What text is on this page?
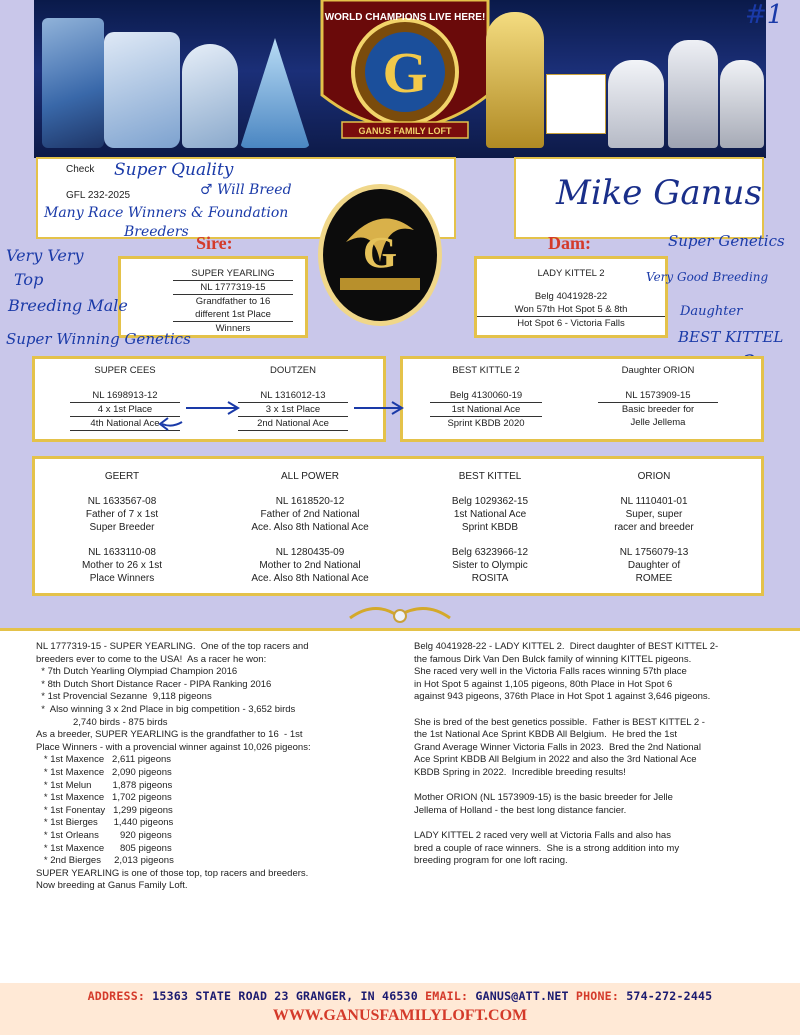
G
WORLD CHAMPIONS LIVE HERE!
GANUS FAMILY LOFT
#1
Check
GFL 232-2025
Super Quality
♂ Will Breed
Many Race Winners & Foundation
Breeders
Mike Ganus
G
Sire:	Dam:
SUPER YEARLING
NL 1777319-15
Grandfather to 16
different 1st Place
Winners
LADY KITTEL 2
Belg 4041928-22
Won 57th Hot Spot 5 & 8th
Hot Spot 6 - Victoria Falls
Very Very
Top
Breeding Male
Super Winning Genetics
Super Genetics
Very Good Breeding
Daughter
BEST KITTEL
SUPER CEES
NL 1698913-12
4 x 1st Place
4th National Ace
DOUTZEN
NL 1316012-13
3 x 1st Place
2nd National Ace
BEST KITTLE 2
Belg 4130060-19
1st National Ace
Sprint KBDB 2020
Daughter ORION
NL 1573909-15
Basic breeder for
Jelle Jellema
GEERT
NL 1633567-08
Father of 7 x 1st
Super Breeder
NL 1633110-08
Mother to 26 x 1st
Place Winners
ALL POWER
NL 1618520-12
Father of 2nd National
Ace. Also 8th National Ace
NL 1280435-09
Mother to 2nd National
Ace. Also 8th National Ace
BEST KITTEL
Belg 1029362-15
1st National Ace
Sprint KBDB
Belg 6323966-12
Sister to Olympic
ROSITA
ORION
NL 1110401-01
Super, super
racer and breeder
NL 1756079-13
Daughter of
ROMEE
NL 1777319-15 - SUPER YEARLING.  One of the top racers and
breeders ever to come to the USA!  As a racer he won:
* 7th Dutch Yearling Olympiad Champion 2016
* 8th Dutch Short Distance Racer - PIPA Ranking 2016
* 1st Provencial Sezanne  9,118 pigeons
*  Also winning 3 x 2nd Place in big competition - 3,652 birds
2,740 birds - 875 birds
As a breeder, SUPER YEARLING is the grandfather to 16  - 1st
Place Winners - with a provencial winner against 10,026 pigeons:
* 1st Maxence   2,611 pigeons
* 1st Maxence   2,090 pigeons
* 1st Melun        1,878 pigeons
* 1st Maxence   1,702 pigeons
* 1st Fonentay   1,299 pigeons
* 1st Bierges      1,440 pigeons
* 1st Orleans        920 pigeons
* 1st Maxence      805 pigeons
* 2nd Bierges     2,013 pigeons
SUPER YEARLING is one of those top, top racers and breeders.
Now breeding at Ganus Family Loft.
Belg 4041928-22 - LADY KITTEL 2.  Direct daughter of BEST KITTEL 2-
the famous Dirk Van Den Bulck family of winning KITTEL pigeons.
She raced very well in the Victoria Falls races winning 57th place
in Hot Spot 5 against 1,105 pigeons, 80th Place in Hot Spot 6
against 943 pigeons, 376th Place in Hot Spot 1 against 3,646 pigeons.

She is bred of the best genetics possible.  Father is BEST KITTEL 2 -
the 1st National Ace Sprint KBDB All Belgium.  He bred the 1st
Grand Average Winner Victoria Falls in 2023.  Bred the 2nd National
Ace Sprint KBDB All Belgium in 2022 and also the 3rd National Ace
KBDB Spring in 2022.  Incredible breeding results!

Mother ORION (NL 1573909-15) is the basic breeder for Jelle
Jellema of Holland - the best long distance fancier.

LADY KITTEL 2 raced very well at Victoria Falls and also has
bred a couple of race winners.  She is a strong addition into my
breeding program for one loft racing.
ADDRESS: 15363 STATE ROAD 23 GRANGER, IN 46530 EMAIL: GANUS@ATT.NET PHONE: 574-272-2445
WWW.GANUSFAMILYLOFT.COM
